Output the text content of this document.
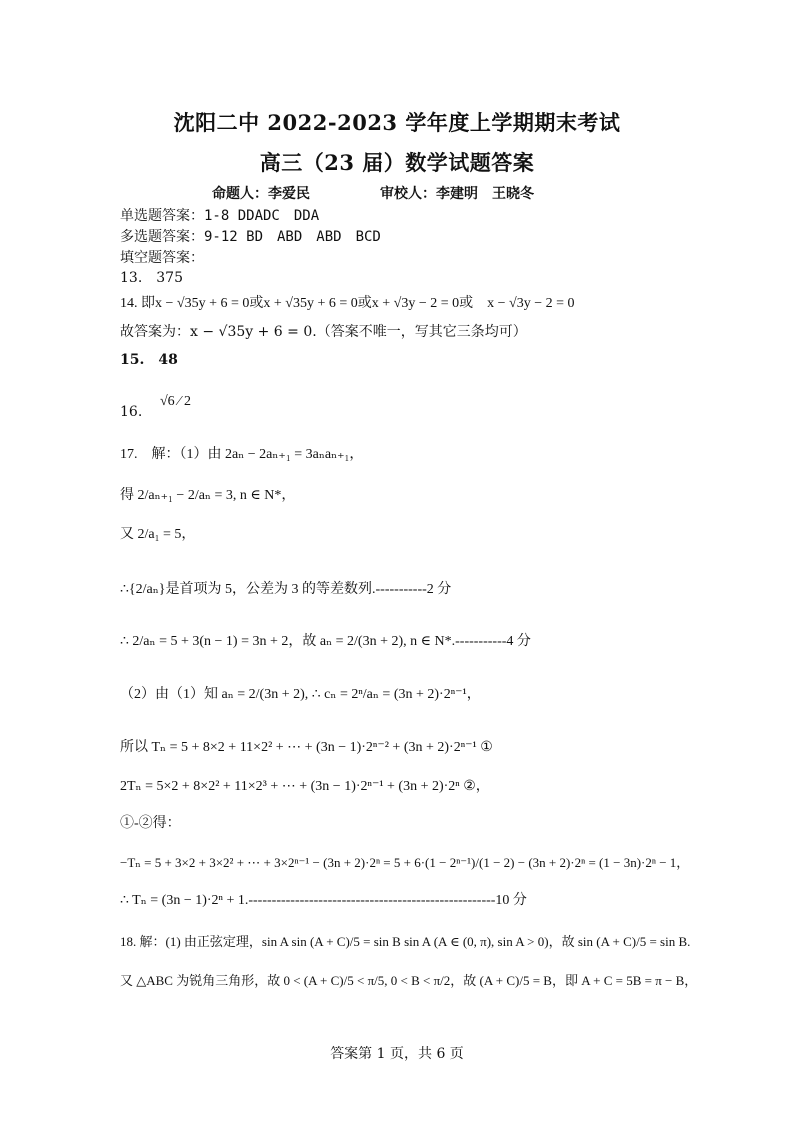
沈阳二中 2022-2023 学年度上学期期末考试
高三（23 届）数学试题答案
命题人：李爱民　　　　　审校人：李建明　王晓冬
单选题答案：1-8 DDADC　DDA
多选题答案：9-12 BD　ABD　ABD　BCD
填空题答案：
13.　375
14. 即x − √35y + 6 = 0或x + √35y + 6 = 0或x + √3y − 2 = 0或　x − √3y − 2 = 0
故答案为：x − √35y + 6 = 0.（答案不唯一，写其它三条均可）
15.　48
16.
√6 ⁄ 2
17.　解：（1）由 2aₙ − 2aₙ₊₁ = 3aₙaₙ₊₁，
得 2/aₙ₊₁ − 2/aₙ = 3, n ∈ N*，
又 2/a₁ = 5，
∴{2/aₙ}是首项为 5，公差为 3 的等差数列.-----------2 分
∴ 2/aₙ = 5 + 3(n − 1) = 3n + 2，故 aₙ = 2/(3n + 2), n ∈ N*.-----------4 分
（2）由（1）知 aₙ = 2/(3n + 2), ∴ cₙ = 2ⁿ/aₙ = (3n + 2)·2ⁿ⁻¹，
所以 Tₙ = 5 + 8×2 + 11×2² + ⋯ + (3n − 1)·2ⁿ⁻² + (3n + 2)·2ⁿ⁻¹ ①
2Tₙ = 5×2 + 8×2² + 11×2³ + ⋯ + (3n − 1)·2ⁿ⁻¹ + (3n + 2)·2ⁿ ②，
①-②得：
−Tₙ = 5 + 3×2 + 3×2² + ⋯ + 3×2ⁿ⁻¹ − (3n + 2)·2ⁿ = 5 + 6·(1 − 2ⁿ⁻¹)/(1 − 2) − (3n + 2)·2ⁿ = (1 − 3n)·2ⁿ − 1，
∴ Tₙ = (3n − 1)·2ⁿ + 1.-----------------------------------------------------10 分
18. 解：(1) 由正弦定理，sin A sin (A + C)/5 = sin B sin A (A ∈ (0, π), sin A > 0)，故 sin (A + C)/5 = sin B.
又 △ABC 为锐角三角形，故 0 < (A + C)/5 < π/5, 0 < B < π/2，故 (A + C)/5 = B，即 A + C = 5B = π − B，
答案第 1 页，共 6 页
